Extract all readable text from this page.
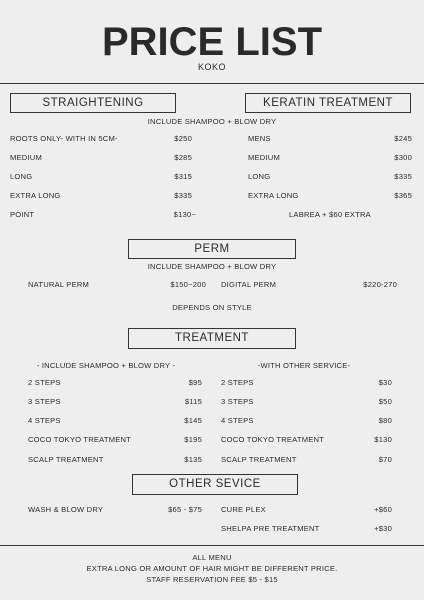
PRICE LIST
KOKO
STRAIGHTENING
INCLUDE SHAMPOO + BLOW DRY
ROOTS ONLY- WITH IN 5CM-	$250
MEDIUM	$285
LONG	$315
EXTRA LONG	$335
POINT	$130~
KERATIN TREATMENT
MENS	$245
MEDIUM	$300
LONG	$335
EXTRA LONG	$365
LABREA + $60 EXTRA
PERM
INCLUDE SHAMPOO + BLOW DRY
NATURAL PERM	$150~200 DIGITAL PERM	$220-270
DEPENDS ON STYLE
TREATMENT
- INCLUDE SHAMPOO + BLOW DRY -	-WITH OTHER SERVICE-
2 STEPS	$95
3 STEPS	$115
4 STEPS	$145
COCO TOKYO TREATMENT	$195
SCALP TREATMENT	$135
2 STEPS	$30
3 STEPS	$50
4 STEPS	$80
COCO TOKYO TREATMENT	$130
SCALP TREATMENT	$70
OTHER SEVICE
WASH & BLOW DRY	$65 - $75	CURE PLEX	+$60
SHELPA PRE TREATMENT	+$30
ALL MENU
EXTRA LONG OR AMOUNT OF HAIR MIGHT BE DIFFERENT PRICE.
STAFF RESERVATION FEE $5 - $15
